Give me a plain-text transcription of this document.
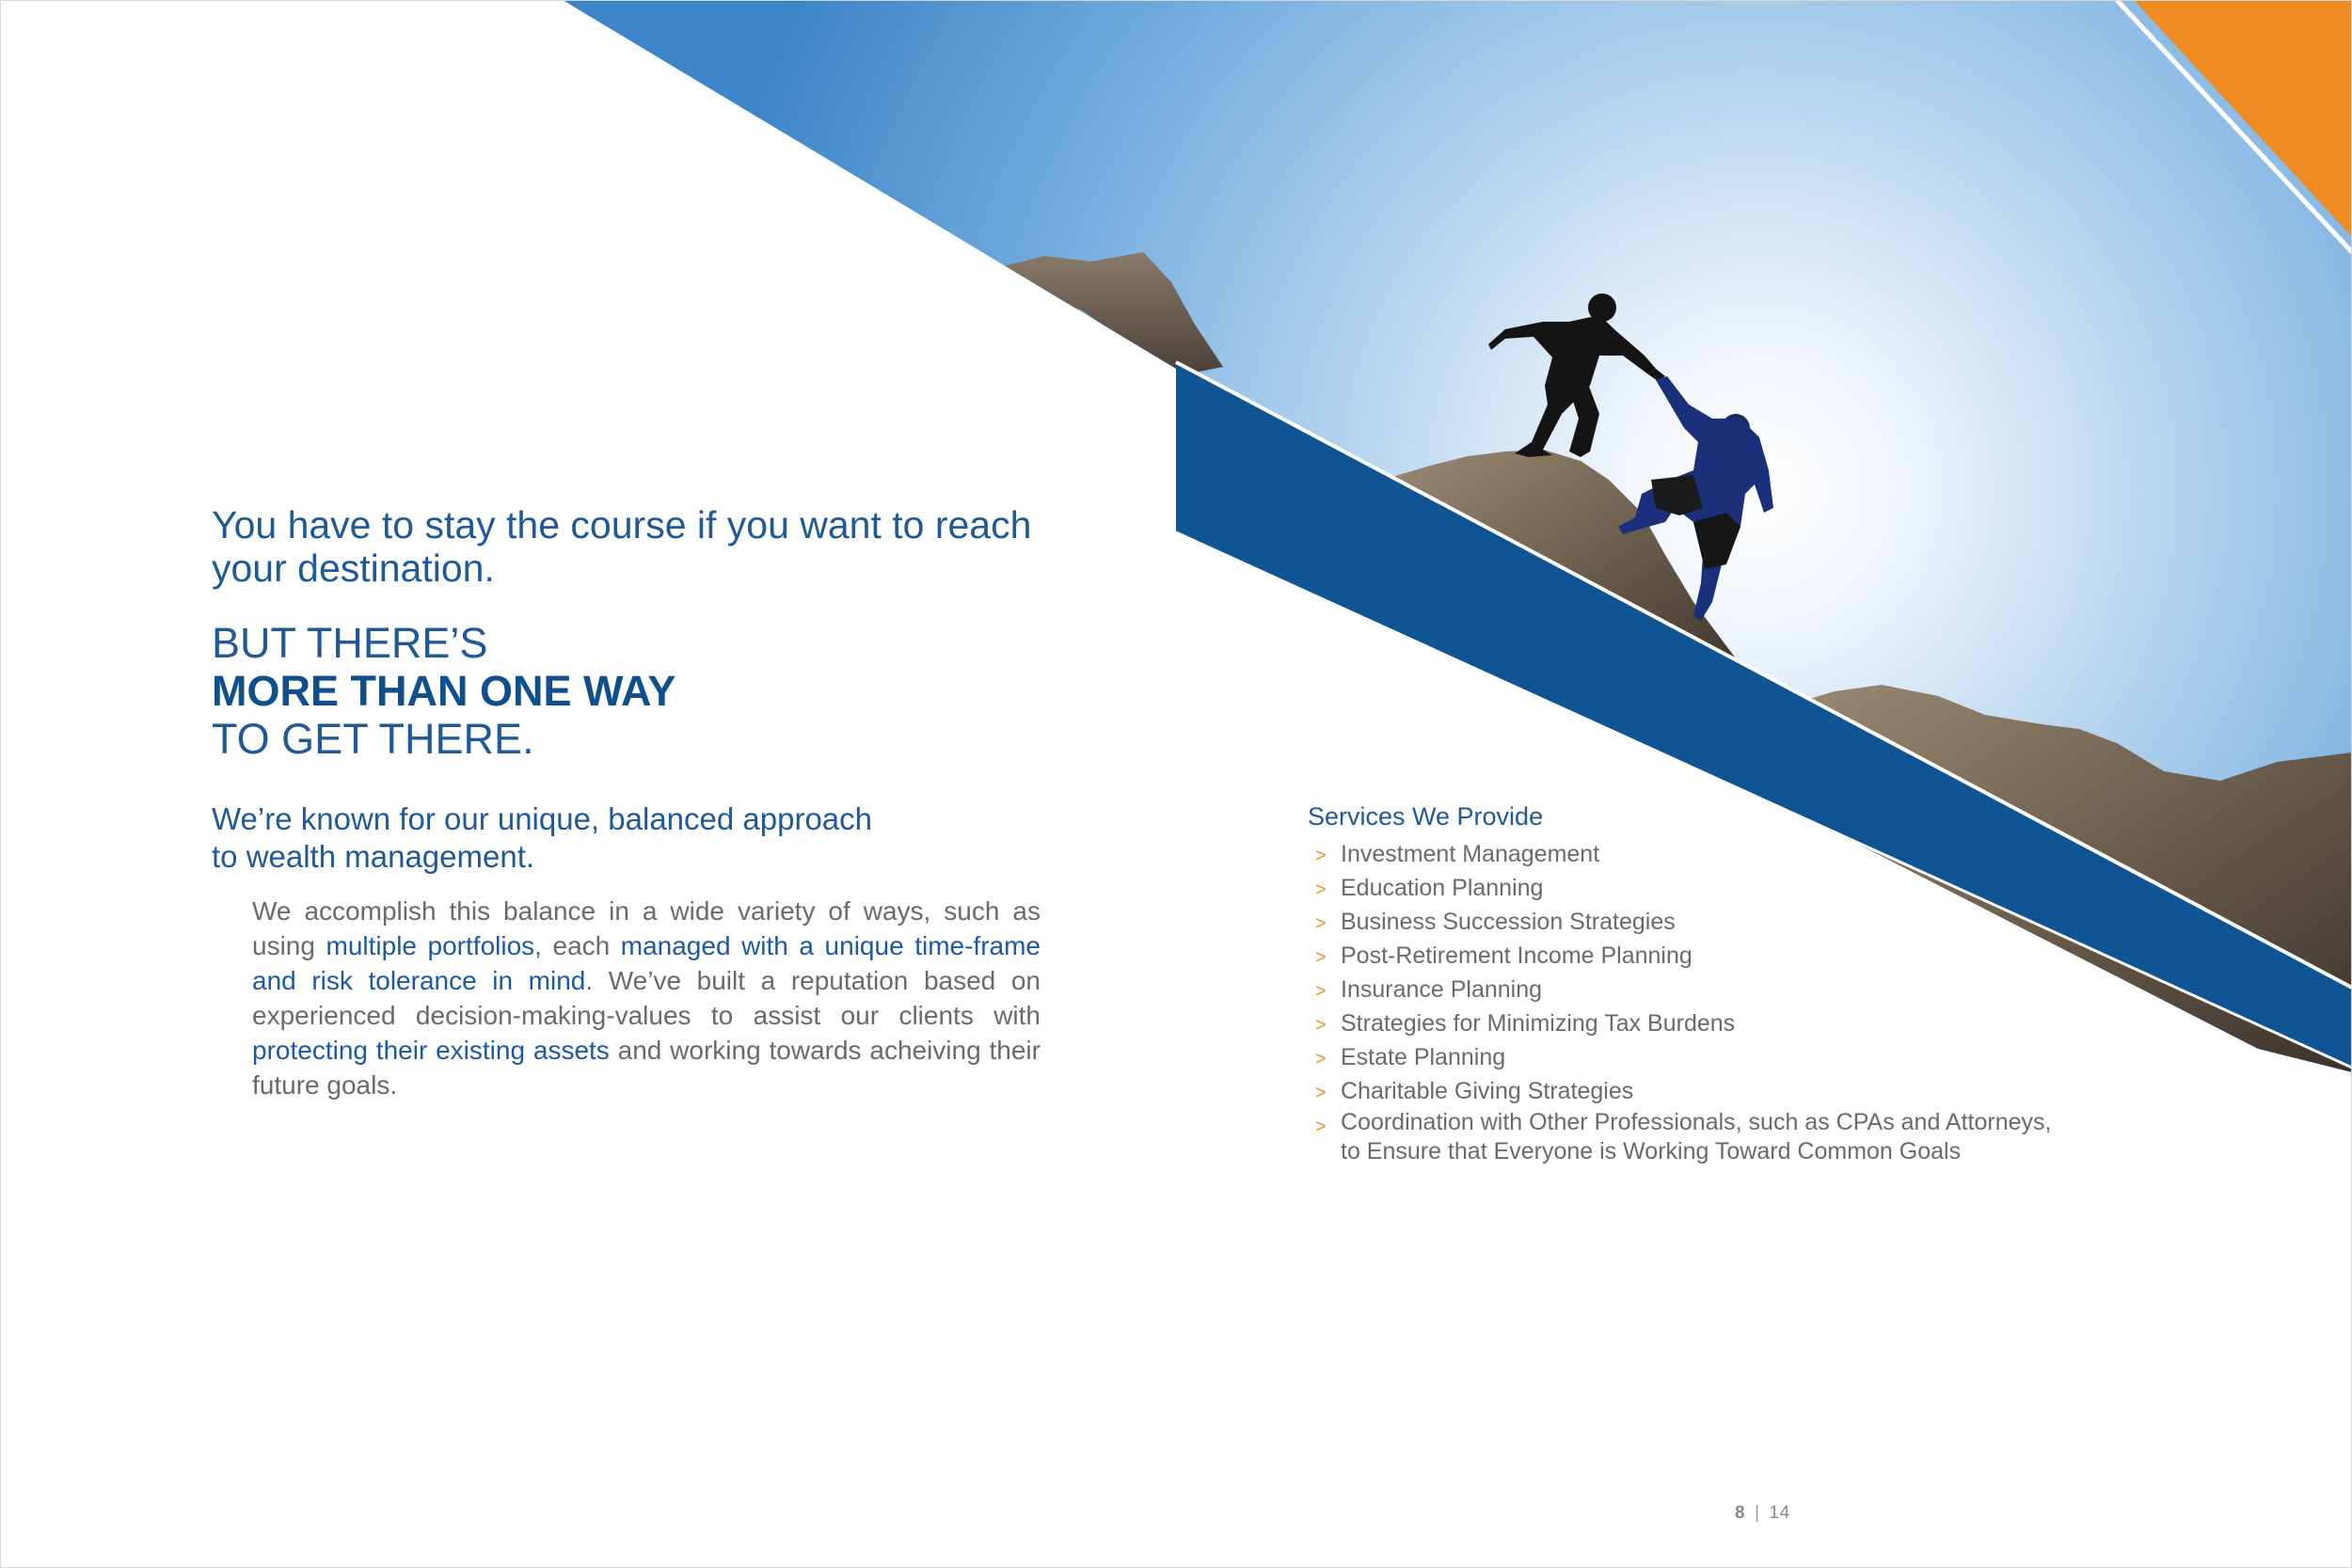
You have to stay the course if you want to reach your destination.

BUT THERE’S
MORE THAN ONE WAY
TO GET THERE.
We’re known for our unique, balanced approach
to wealth management.

We accomplish this balance in a wide variety of ways, such as using multiple portfolios, each managed with a unique time-frame and risk tolerance in mind. We’ve built a reputation based on experienced decision-making-values to assist our clients with protecting their existing assets and working towards acheiving their future goals.

Services We Provide
> Investment Management
> Education Planning
> Business Succession Strategies
> Post-Retirement Income Planning
> Insurance Planning
> Strategies for Minimizing Tax Burdens
> Estate Planning
> Charitable Giving Strategies
> Coordination with Other Professionals, such as CPAs and Attorneys,
to Ensure that Everyone is Working Toward Common Goals
8 | 14
